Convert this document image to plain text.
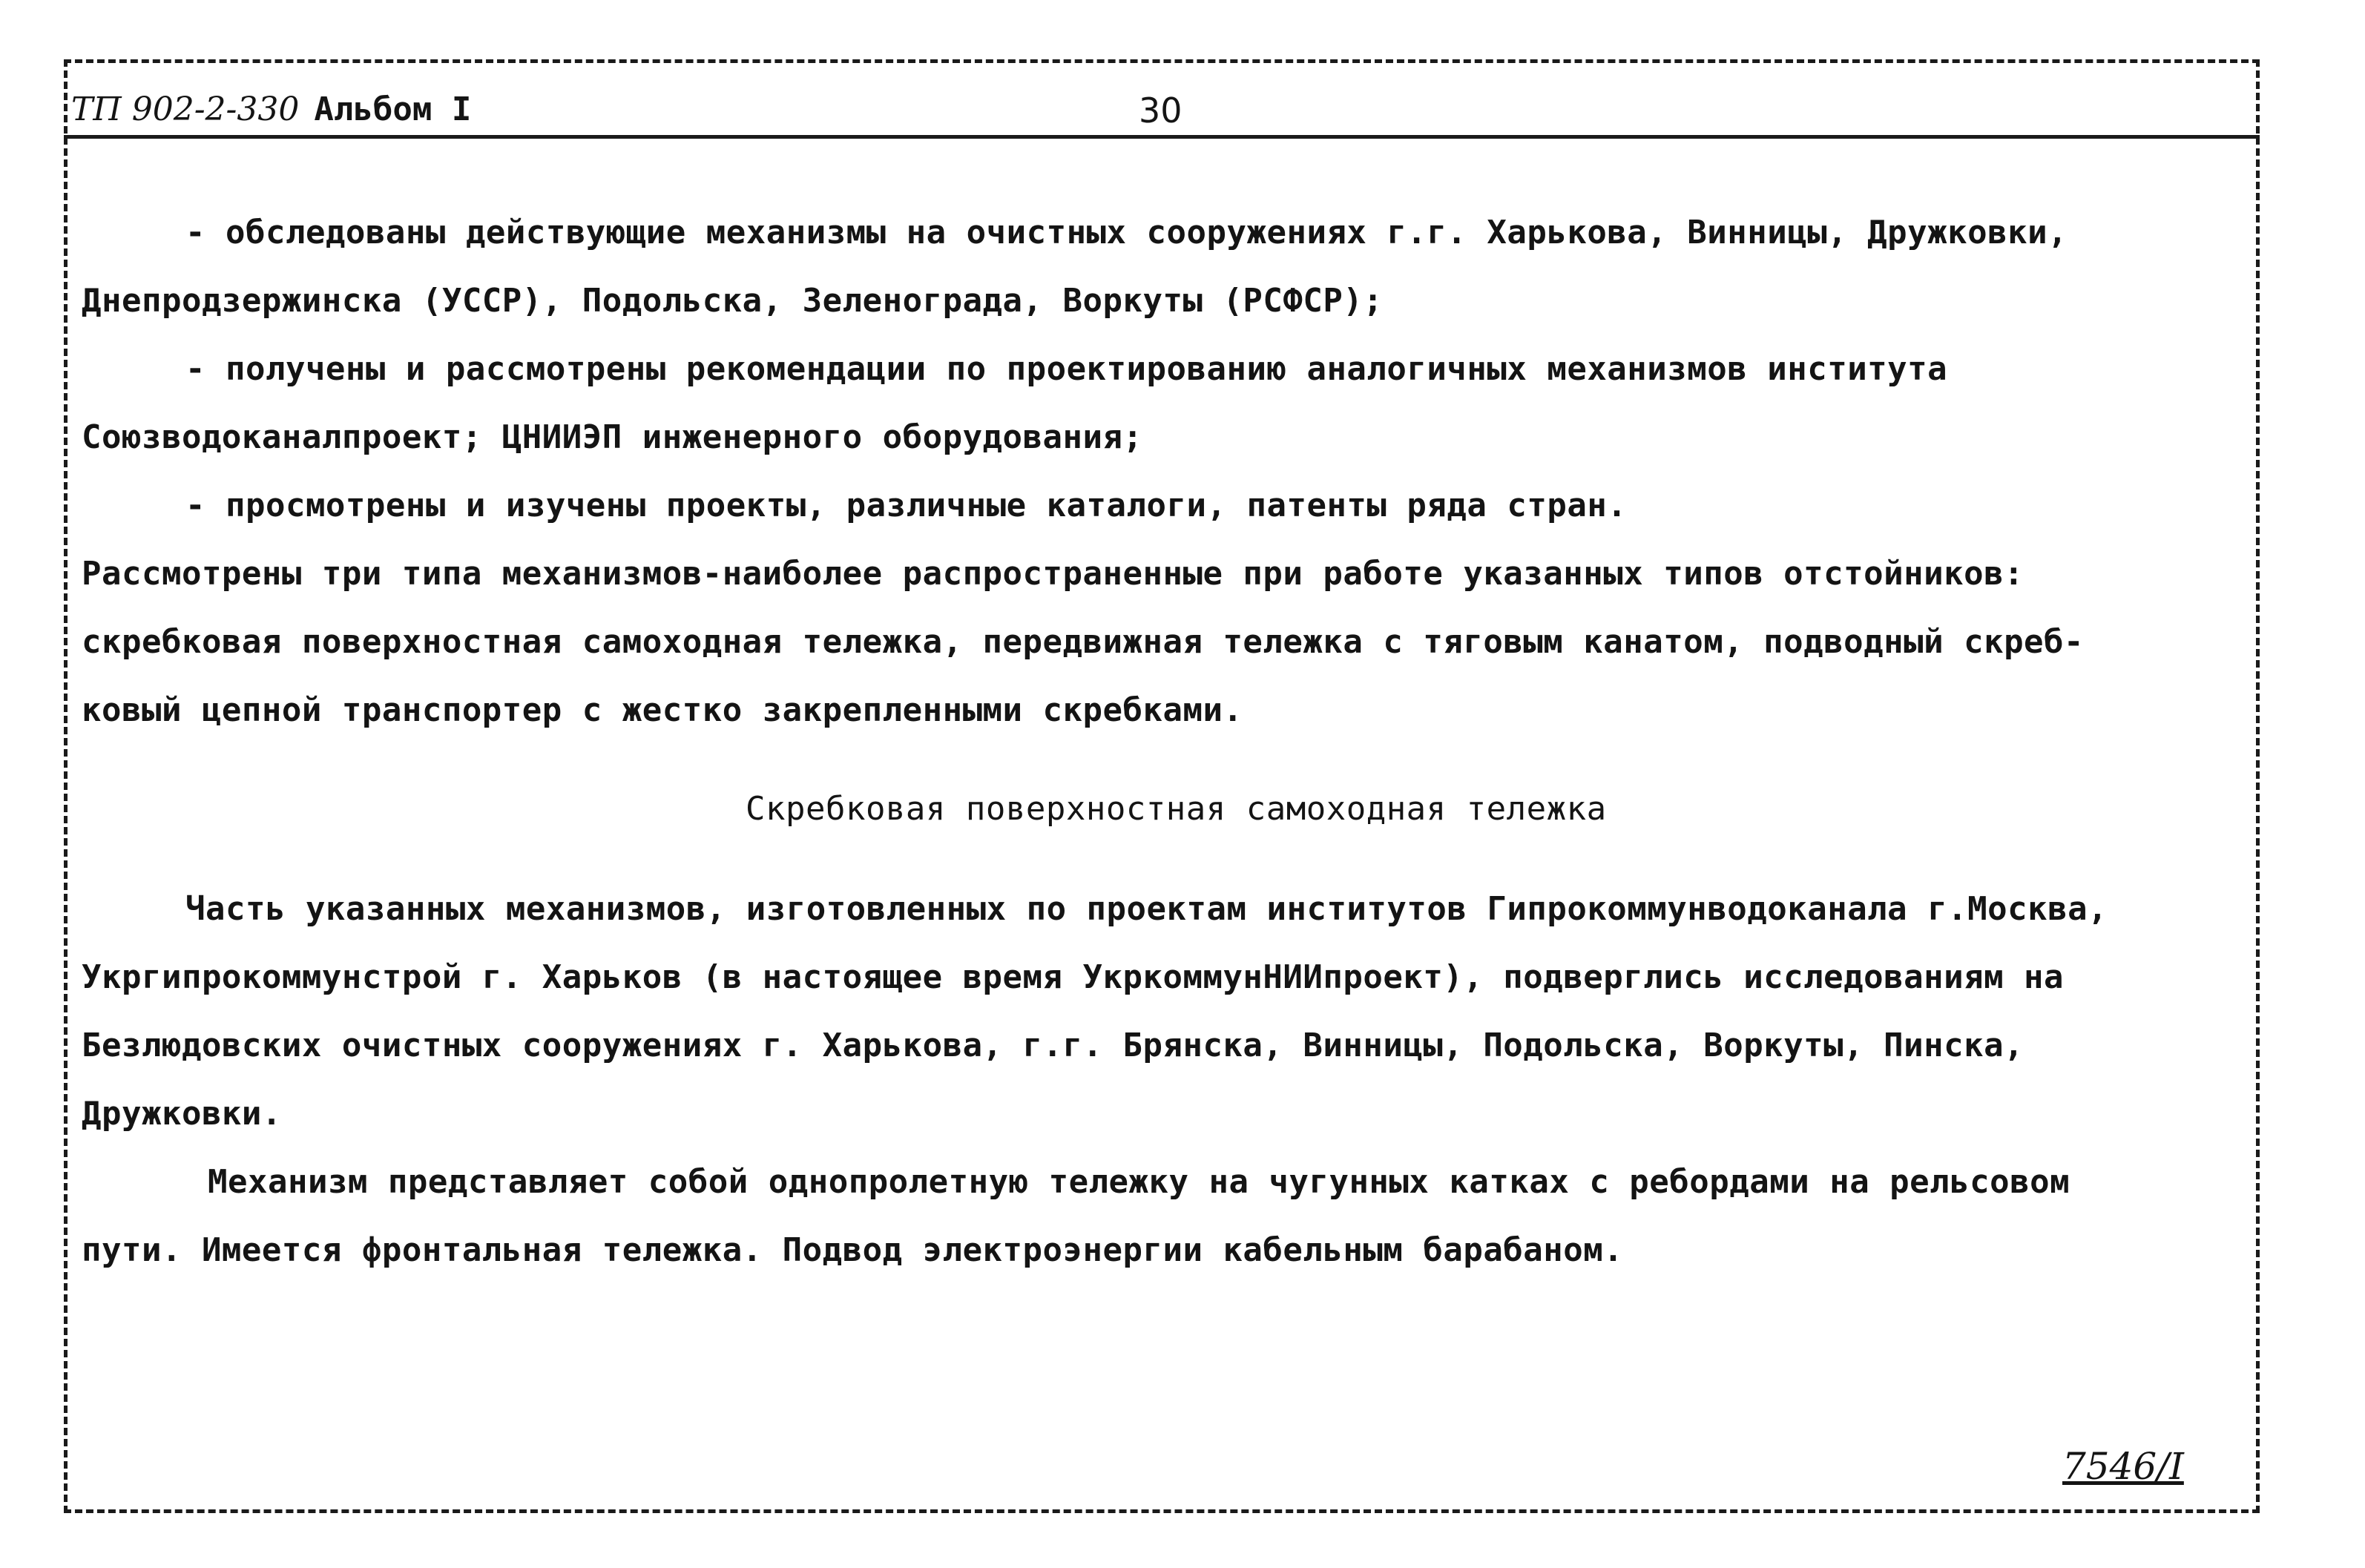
ТП 902-2-330 Альбом I	30
- обследованы действующие механизмы на очистных сооружениях г.г. Харькова, Винницы, Дружковки,
Днепродзержинска (УССР), Подольска, Зеленограда, Воркуты (РСФСР);
- получены и рассмотрены рекомендации по проектированию аналогичных механизмов института
Союзводоканалпроект; ЦНИИЭП инженерного оборудования;
- просмотрены и изучены проекты, различные каталоги, патенты ряда стран.
Рассмотрены три типа механизмов-наиболее распространенные при работе указанных типов отстойников:
скребковая поверхностная самоходная тележка, передвижная тележка с тяговым канатом, подводный скреб-
ковый цепной транспортер с жестко закрепленными скребками.
Скребковая поверхностная самоходная тележка
Часть указанных механизмов, изготовленных по проектам институтов Гипрокоммунводоканала г.Москва,
Укргипрокоммунстрой г. Харьков (в настоящее время УкркоммунНИИпроект), подверглись исследованиям на
Безлюдовских очистных сооружениях г. Харькова, г.г. Брянска, Винницы, Подольска, Воркуты, Пинска,
Дружковки.
Механизм представляет собой однопролетную тележку на чугунных катках с ребордами на рельсовом
пути. Имеется фронтальная тележка. Подвод электроэнергии кабельным барабаном.
7546/I
